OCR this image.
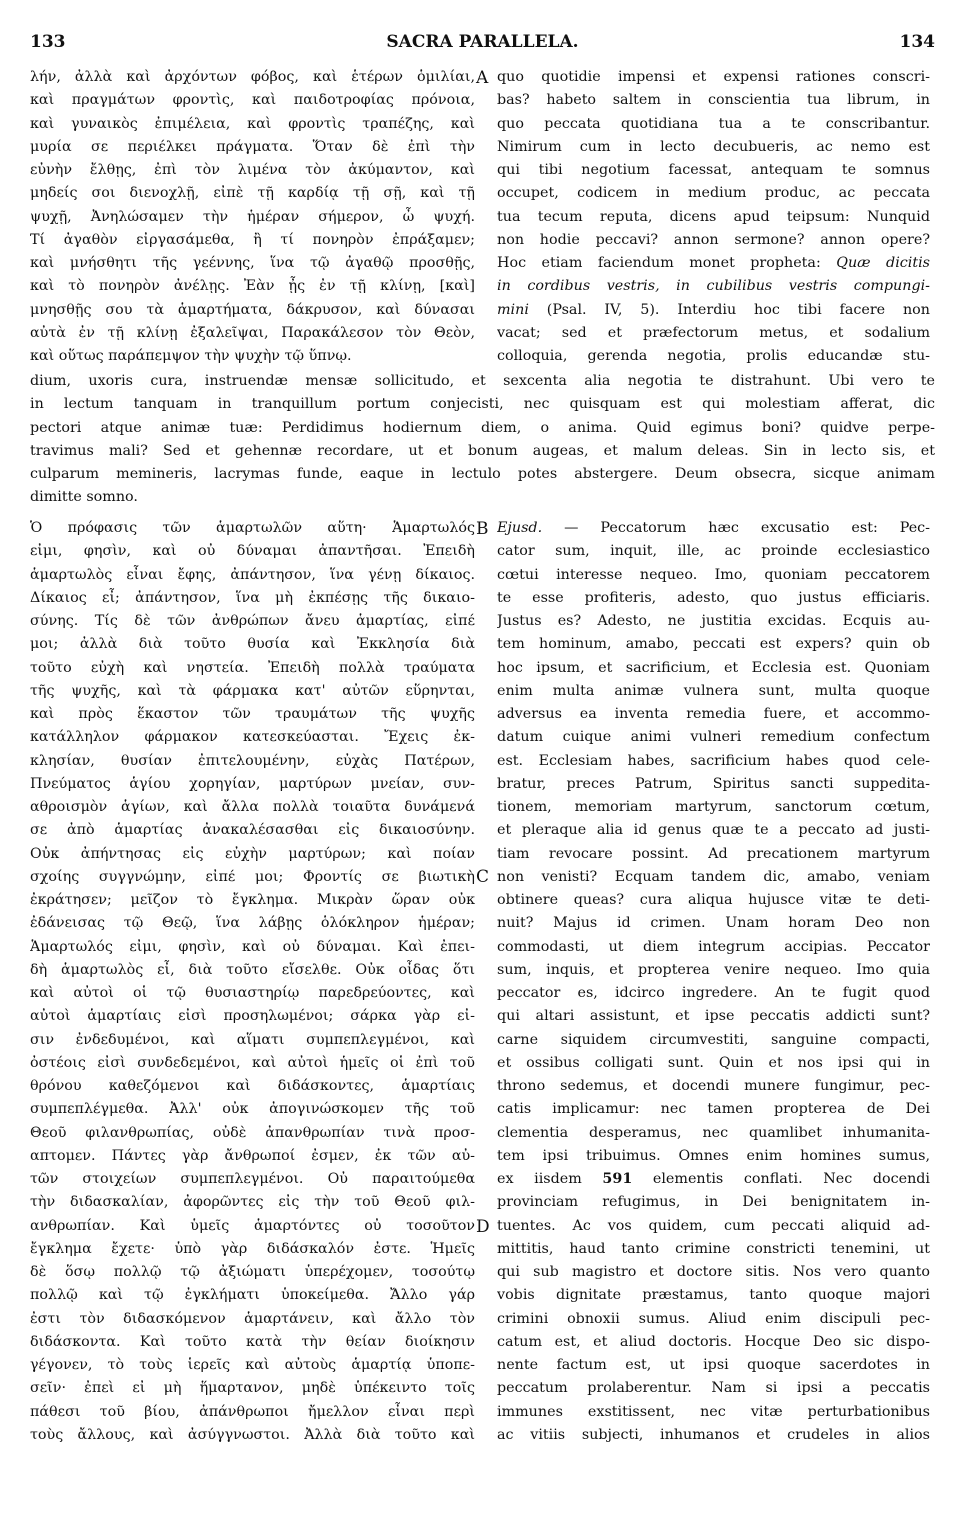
133	SACRA PARALLELA.	134
A
B
C
D
λήν, ἀλλὰ καὶ ἀρχόντων φόβος, καὶ ἑτέρων ὁμιλίαι,
καὶ πραγμάτων φροντὶς, καὶ παιδοτροφίας πρόνοια,
καὶ γυναικὸς ἐπιμέλεια, καὶ φροντὶς τραπέζης, καὶ
μυρία σε περιέλκει πράγματα. Ὅταν δὲ ἐπὶ τὴν
εὐνὴν ἔλθῃς, ἐπὶ τὸν λιμένα τὸν ἀκύμαντον, καὶ
μηδείς σοι διενοχλῇ, εἰπὲ τῇ καρδίᾳ τῇ σῇ, καὶ τῇ
ψυχῇ, Ἀνηλώσαμεν τὴν ἡμέραν σήμερον, ὦ ψυχή.
Τί ἀγαθὸν εἰργασάμεθα, ἢ τί πονηρὸν ἐπράξαμεν;
καὶ μνήσθητι τῆς γεέννης, ἵνα τῷ ἀγαθῷ προσθῇς,
καὶ τὸ πονηρὸν ἀνέλῃς. Ἐὰν ᾖς ἐν τῇ κλίνῃ, [καὶ]
μνησθῇς σου τὰ ἁμαρτήματα, δάκρυσον, καὶ δύνασαι
αὐτὰ ἐν τῇ κλίνῃ ἐξαλεῖψαι, Παρακάλεσον τὸν Θεὸν,
καὶ οὕτως παράπεμψον τὴν ψυχὴν τῷ ὕπνῳ.
quo quotidie impensi et expensi rationes conscri-
bas? habeto saltem in conscientia tua librum, in
quo peccata quotidiana tua a te conscribantur.
Nimirum cum in lecto decubueris, ac nemo est
qui tibi negotium facessat, antequam te somnus
occupet, codicem in medium produc, ac peccata
tua tecum reputa, dicens apud teipsum: Nunquid
non hodie peccavi? annon sermone? annon opere?
Hoc etiam faciendum monet propheta: Quæ dicitis
in cordibus vestris, in cubilibus vestris compungi-
mini (Psal. IV, 5). Interdiu hoc tibi facere non
vacat; sed et præfectorum metus, et sodalium
colloquia, gerenda negotia, prolis educandæ stu-
dium, uxoris cura, instruendæ mensæ sollicitudo, et sexcenta alia negotia te distrahunt. Ubi vero te
in lectum tanquam in tranquillum portum conjecisti, nec quisquam est qui molestiam afferat, dic
pectori atque animæ tuæ: Perdidimus hodiernum diem, o anima. Quid egimus boni? quidve perpe-
travimus mali? Sed et gehennæ recordare, ut et bonum augeas, et malum deleas. Sin in lecto sis, et
culparum memineris, lacrymas funde, eaque in lectulo potes abstergere. Deum obsecra, sicque animam
dimitte somno.
Ὁ πρόφασις τῶν ἁμαρτωλῶν αὕτη· Ἁμαρτωλός
εἰμι, φησὶν, καὶ οὐ δύναμαι ἀπαντῆσαι. Ἐπειδὴ
ἁμαρτωλὸς εἶναι ἔφης, ἀπάντησον, ἵνα γένῃ δίκαιος.
Δίκαιος εἶ; ἀπάντησον, ἵνα μὴ ἐκπέσῃς τῆς δικαιο-
σύνης. Τίς δὲ τῶν ἀνθρώπων ἄνευ ἁμαρτίας, εἰπέ
μοι; ἀλλὰ διὰ τοῦτο θυσία καὶ Ἐκκλησία διὰ
τοῦτο εὐχὴ καὶ νηστεία. Ἐπειδὴ πολλὰ τραύματα
τῆς ψυχῆς, καὶ τὰ φάρμακα κατ' αὐτῶν εὕρηνται,
καὶ πρὸς ἕκαστον τῶν τραυμάτων τῆς ψυχῆς
κατάλληλον φάρμακον κατεσκεύασται. Ἔχεις ἐκ-
κλησίαν, θυσίαν ἐπιτελουμένην, εὐχὰς Πατέρων,
Πνεύματος ἁγίου χορηγίαν, μαρτύρων μνείαν, συν-
αθροισμὸν ἁγίων, καὶ ἄλλα πολλὰ τοιαῦτα δυνάμενά
σε ἀπὸ ἁμαρτίας ἀνακαλέσασθαι εἰς δικαιοσύνην.
Οὐκ ἀπήντησας εἰς εὐχὴν μαρτύρων; καὶ ποίαν
σχοίης συγγνώμην, εἰπέ μοι; Φροντίς σε βιωτικὴ
ἐκράτησεν; μεῖζον τὸ ἔγκλημα. Μικρὰν ὥραν οὐκ
ἐδάνεισας τῷ Θεῷ, ἵνα λάβῃς ὁλόκληρον ἡμέραν;
Ἁμαρτωλός εἰμι, φησὶν, καὶ οὐ δύναμαι. Καὶ ἐπει-
δὴ ἁμαρτωλὸς εἶ, διὰ τοῦτο εἴσελθε. Οὐκ οἶδας ὅτι
καὶ αὐτοὶ οἱ τῷ θυσιαστηρίῳ παρεδρεύοντες, καὶ
αὐτοὶ ἁμαρτίαις εἰσὶ προσηλωμένοι; σάρκα γὰρ εἰ-
σιν ἐνδεδυμένοι, καὶ αἵματι συμπεπλεγμένοι, καὶ
ὀστέοις εἰσὶ συνδεδεμένοι, καὶ αὐτοὶ ἡμεῖς οἱ ἐπὶ τοῦ
θρόνου καθεζόμενοι καὶ διδάσκοντες, ἁμαρτίαις
συμπεπλέγμεθα. Ἀλλ' οὐκ ἀπογινώσκομεν τῆς τοῦ
Θεοῦ φιλανθρωπίας, οὐδὲ ἀπανθρωπίαν τινὰ προσ-
απτομεν. Πάντες γὰρ ἄνθρωποί ἐσμεν, ἐκ τῶν αὐ-
τῶν στοιχείων συμπεπλεγμένοι. Οὐ παραιτούμεθα
τὴν διδασκαλίαν, ἀφορῶντες εἰς τὴν τοῦ Θεοῦ φιλ-
ανθρωπίαν. Καὶ ὑμεῖς ἁμαρτόντες οὐ τοσοῦτον
ἔγκλημα ἔχετε· ὑπὸ γὰρ διδάσκαλόν ἐστε. Ἡμεῖς
δὲ ὅσῳ πολλῷ τῷ ἀξιώματι ὑπερέχομεν, τοσούτῳ
πολλῷ καὶ τῷ ἐγκλήματι ὑποκείμεθα. Ἄλλο γάρ
ἐστι τὸν διδασκόμενον ἁμαρτάνειν, καὶ ἄλλο τὸν
διδάσκοντα. Καὶ τοῦτο κατὰ τὴν θείαν διοίκησιν
γέγονεν, τὸ τοὺς ἱερεῖς καὶ αὐτοὺς ἁμαρτίᾳ ὑποπε-
σεῖν· ἐπεὶ εἰ μὴ ἥμαρτανον, μηδὲ ὑπέκειντο τοῖς
πάθεσι τοῦ βίου, ἀπάνθρωποι ἤμελλον εἶναι περὶ
τοὺς ἄλλους, καὶ ἀσύγγνωστοι. Ἀλλὰ διὰ τοῦτο καὶ
Ejusd. — Peccatorum hæc excusatio est: Pec-
cator sum, inquit, ille, ac proinde ecclesiastico
cœtui interesse nequeo. Imo, quoniam peccatorem
te esse profiteris, adesto, quo justus efficiaris.
Justus es? Adesto, ne justitia excidas. Ecquis au-
tem hominum, amabo, peccati est expers? quin ob
hoc ipsum, et sacrificium, et Ecclesia est. Quoniam
enim multa animæ vulnera sunt, multa quoque
adversus ea inventa remedia fuere, et accommo-
datum cuique animi vulneri remedium confectum
est. Ecclesiam habes, sacrificium habes quod cele-
bratur, preces Patrum, Spiritus sancti suppedita-
tionem, memoriam martyrum, sanctorum cœtum,
et pleraque alia id genus quæ te a peccato ad justi-
tiam revocare possint. Ad precationem martyrum
non venisti? Ecquam tandem dic, amabo, veniam
obtinere queas? cura aliqua hujusce vitæ te deti-
nuit? Majus id crimen. Unam horam Deo non
commodasti, ut diem integrum accipias. Peccator
sum, inquis, et propterea venire nequeo. Imo quia
peccator es, idcirco ingredere. An te fugit quod
qui altari assistunt, et ipse peccatis addicti sunt?
carne siquidem circumvestiti, sanguine compacti,
et ossibus colligati sunt. Quin et nos ipsi qui in
throno sedemus, et docendi munere fungimur, pec-
catis implicamur: nec tamen propterea de Dei
clementia desperamus, nec quamlibet inhumanita-
tem ipsi tribuimus. Omnes enim homines sumus,
ex iisdem 591 elementis conflati. Nec docendi
provinciam refugimus, in Dei benignitatem in-
tuentes. Ac vos quidem, cum peccati aliquid ad-
mittitis, haud tanto crimine constricti tenemini, ut
qui sub magistro et doctore sitis. Nos vero quanto
vobis dignitate præstamus, tanto quoque majori
crimini obnoxii sumus. Aliud enim discipuli pec-
catum est, et aliud doctoris. Hocque Deo sic dispo-
nente factum est, ut ipsi quoque sacerdotes in
peccatum prolaberentur. Nam si ipsi a peccatis
immunes exstitissent, nec vitæ perturbationibus
ac vitiis subjecti, inhumanos et crudeles in alios
